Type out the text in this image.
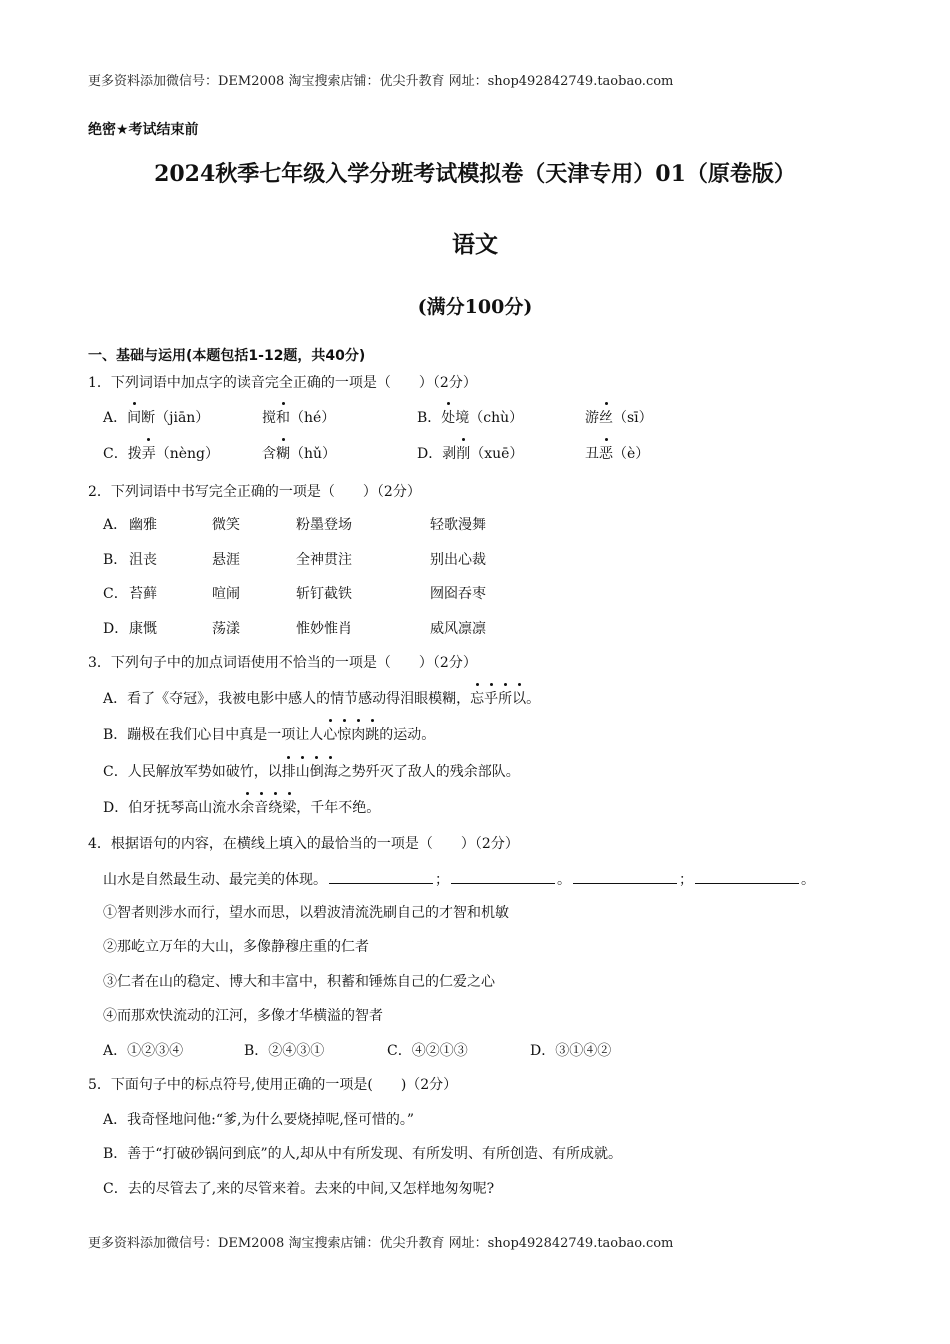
更多资料添加微信号：DEM2008 淘宝搜索店铺：优尖升教育 网址：shop492842749.taobao.com
绝密★考试结束前
2024秋季七年级入学分班考试模拟卷（天津专用）01（原卷版）
语文
(满分100分)
一、基础与运用(本题包括1-12题，共40分)
1．下列词语中加点字的读音完全正确的一项是（　　）（2分）
A．间断（jiān）	搅和（hé）	B．处境（chù）	游丝（sī）
C．拨弄（nèng）	含糊（hǔ）	D．剥削（xuē）	丑恶（è）
2．下列词语中书写完全正确的一项是（　　）（2分）
A． 幽雅	微笑	粉墨登场	轻歌漫舞
B． 沮丧	悬涯	全神贯注	别出心裁
C． 苔藓	喧闹	斩钉截铁	囫囵吞枣
D． 康慨	荡漾	惟妙惟肖	威风凛凛
3．下列句子中的加点词语使用不恰当的一项是（　　）（2分）
A．看了《夺冠》，我被电影中感人的情节感动得泪眼模糊，忘乎所以。
B．蹦极在我们心目中真是一项让人心惊肉跳的运动。
C．人民解放军势如破竹，以排山倒海之势歼灭了敌人的残余部队。
D．伯牙抚琴高山流水余音绕梁，千年不绝。
4．根据语句的内容，在横线上填入的最恰当的一项是（　　）（2分）
山水是自然最生动、最完美的体现。	；	。	；	。
①智者则涉水而行，望水而思，以碧波清流洗刷自己的才智和机敏
②那屹立万年的大山，多像静穆庄重的仁者
③仁者在山的稳定、博大和丰富中，积蓄和锤炼自己的仁爱之心
④而那欢快流动的江河，多像才华横溢的智者
A．①②③④	B．②④③①	C．④②①③	D．③①④②
5．下面句子中的标点符号,使用正确的一项是(　　)（2分）
A．我奇怪地问他:“爹,为什么要烧掉呢,怪可惜的。”
B．善于“打破砂锅问到底”的人,却从中有所发现、有所发明、有所创造、有所成就。
C．去的尽管去了,来的尽管来着。去来的中间,又怎样地匆匆呢?
更多资料添加微信号：DEM2008 淘宝搜索店铺：优尖升教育 网址：shop492842749.taobao.com
